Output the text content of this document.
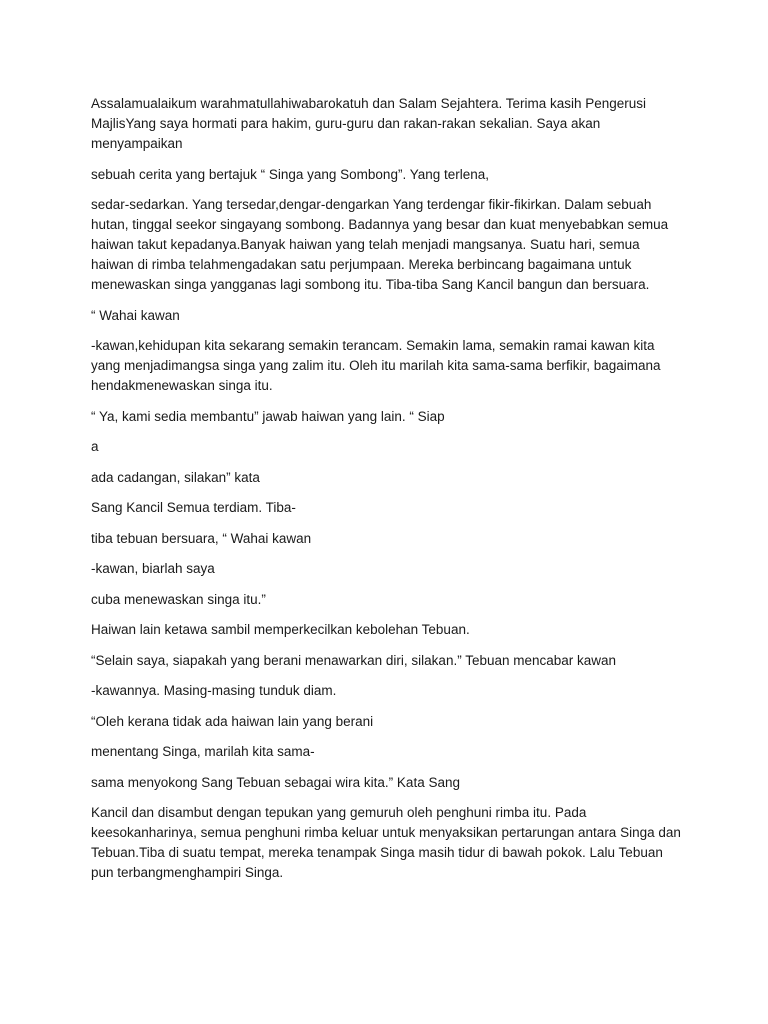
Assalamualaikum warahmatullahiwabarokatuh dan Salam Sejahtera. Terima kasih Pengerusi MajlisYang saya hormati para hakim, guru-guru dan rakan-rakan sekalian. Saya akan menyampaikan

sebuah cerita yang bertajuk “ Singa yang Sombong”. Yang terlena,

sedar-sedarkan. Yang tersedar,dengar-dengarkan Yang terdengar fikir-fikirkan. Dalam sebuah hutan, tinggal seekor singayang sombong. Badannya yang besar dan kuat menyebabkan semua haiwan takut kepadanya.Banyak haiwan yang telah menjadi mangsanya. Suatu hari, semua haiwan di rimba telahmengadakan satu perjumpaan. Mereka berbincang bagaimana untuk menewaskan singa yangganas lagi sombong itu. Tiba-tiba Sang Kancil bangun dan bersuara.

“ Wahai kawan

-kawan,kehidupan kita sekarang semakin terancam. Semakin lama, semakin ramai kawan kita yang menjadimangsa singa yang zalim itu. Oleh itu marilah kita sama-sama berfikir, bagaimana hendakmenewaskan singa itu.

“ Ya, kami sedia membantu” jawab haiwan yang lain. “ Siap

a

ada cadangan, silakan” kata

Sang Kancil Semua terdiam. Tiba-

tiba tebuan bersuara, “ Wahai kawan

-kawan, biarlah saya

cuba menewaskan singa itu.”

Haiwan lain ketawa sambil memperkecilkan kebolehan Tebuan.

“Selain saya, siapakah yang berani menawarkan diri, silakan.” Tebuan mencabar kawan

-kawannya. Masing-masing tunduk diam.

“Oleh kerana tidak ada haiwan lain yang berani

menentang Singa, marilah kita sama-

sama menyokong Sang Tebuan sebagai wira kita.” Kata Sang

Kancil dan disambut dengan tepukan yang gemuruh oleh penghuni rimba itu. Pada keesokanharinya, semua penghuni rimba keluar untuk menyaksikan pertarungan antara Singa dan Tebuan.Tiba di suatu tempat, mereka tenampak Singa masih tidur di bawah pokok. Lalu Tebuan pun terbangmenghampiri Singa.
